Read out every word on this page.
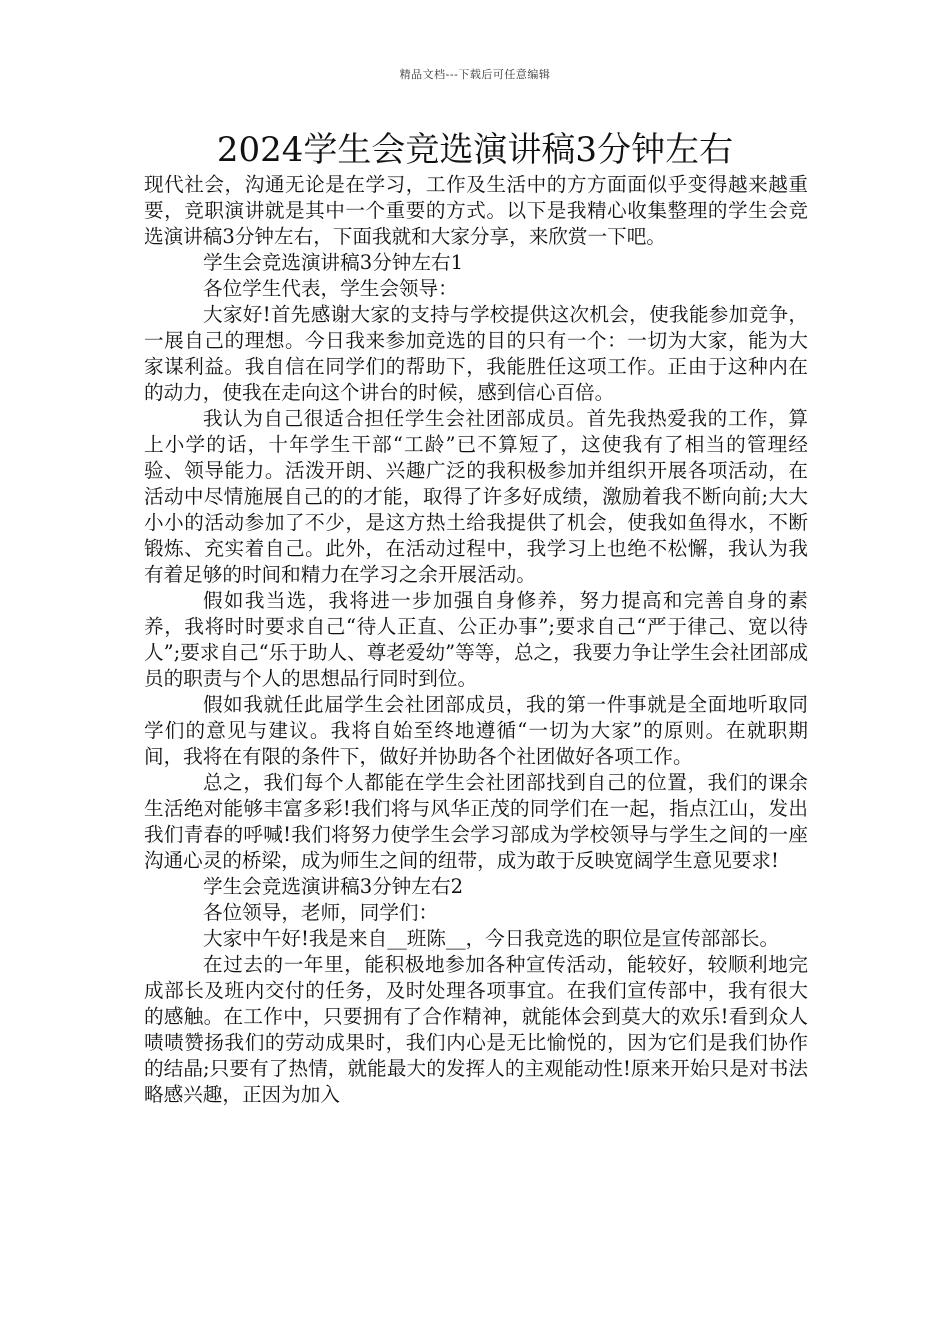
精品文档---下载后可任意编辑
2024学生会竞选演讲稿3分钟左右

现代社会，沟通无论是在学习，工作及生活中的方方面面似乎变得越来越重要，竞职演讲就是其中一个重要的方式。以下是我精心收集整理的学生会竞选演讲稿3分钟左右，下面我就和大家分享，来欣赏一下吧。

学生会竞选演讲稿3分钟左右1

各位学生代表，学生会领导：

大家好!首先感谢大家的支持与学校提供这次机会，使我能参加竞争，一展自己的理想。今日我来参加竞选的目的只有一个：一切为大家，能为大家谋利益。我自信在同学们的帮助下，我能胜任这项工作。正由于这种内在的动力，使我在走向这个讲台的时候，感到信心百倍。

我认为自己很适合担任学生会社团部成员。首先我热爱我的工作，算上小学的话，十年学生干部“工龄”已不算短了，这使我有了相当的管理经验、领导能力。活泼开朗、兴趣广泛的我积极参加并组织开展各项活动，在活动中尽情施展自己的的才能，取得了许多好成绩，激励着我不断向前;大大小小的活动参加了不少，是这方热土给我提供了机会，使我如鱼得水，不断锻炼、充实着自己。此外，在活动过程中，我学习上也绝不松懈，我认为我有着足够的时间和精力在学习之余开展活动。

假如我当选，我将进一步加强自身修养，努力提高和完善自身的素养，我将时时要求自己“待人正直、公正办事”;要求自己“严于律己、宽以待人”;要求自己“乐于助人、尊老爱幼”等等，总之，我要力争让学生会社团部成员的职责与个人的思想品行同时到位。

假如我就任此届学生会社团部成员，我的第一件事就是全面地听取同学们的意见与建议。我将自始至终地遵循“一切为大家”的原则。在就职期间，我将在有限的条件下，做好并协助各个社团做好各项工作。

总之，我们每个人都能在学生会社团部找到自己的位置，我们的课余生活绝对能够丰富多彩!我们将与风华正茂的同学们在一起，指点江山，发出我们青春的呼喊!我们将努力使学生会学习部成为学校领导与学生之间的一座沟通心灵的桥梁，成为师生之间的纽带，成为敢于反映宽阔学生意见要求!

学生会竞选演讲稿3分钟左右2

各位领导，老师，同学们：

大家中午好!我是来自__班陈__，今日我竞选的职位是宣传部部长。

在过去的一年里，能积极地参加各种宣传活动，能较好，较顺利地完成部长及班内交付的任务，及时处理各项事宜。在我们宣传部中，我有很大的感触。在工作中，只要拥有了合作精神，就能体会到莫大的欢乐!看到众人啧啧赞扬我们的劳动成果时，我们内心是无比愉悦的，因为它们是我们协作的结晶;只要有了热情，就能最大的发挥人的主观能动性!原来开始只是对书法略感兴趣，正因为加入
